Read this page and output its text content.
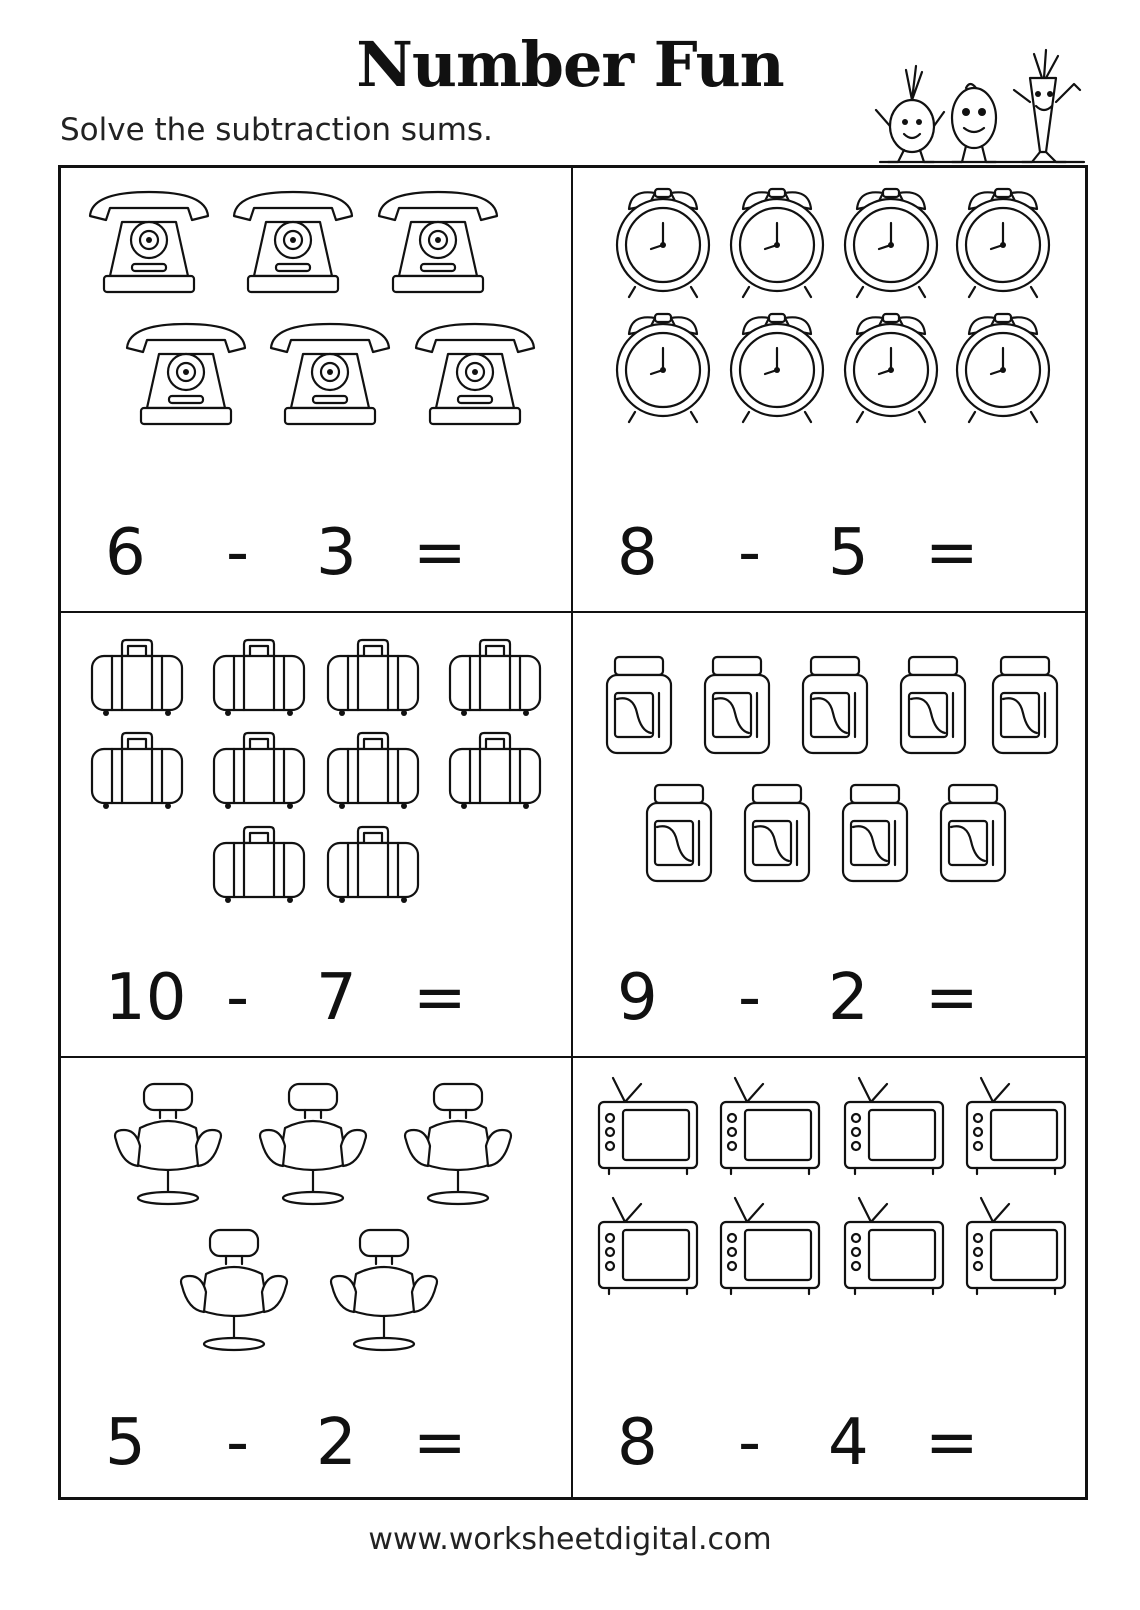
Number Fun

Solve the subtraction sums.

6 - 3 = 8 - 5 =
10 - 7 = 9 - 2 =
5 - 2 = 8 - 4 =

www.worksheetdigital.com
